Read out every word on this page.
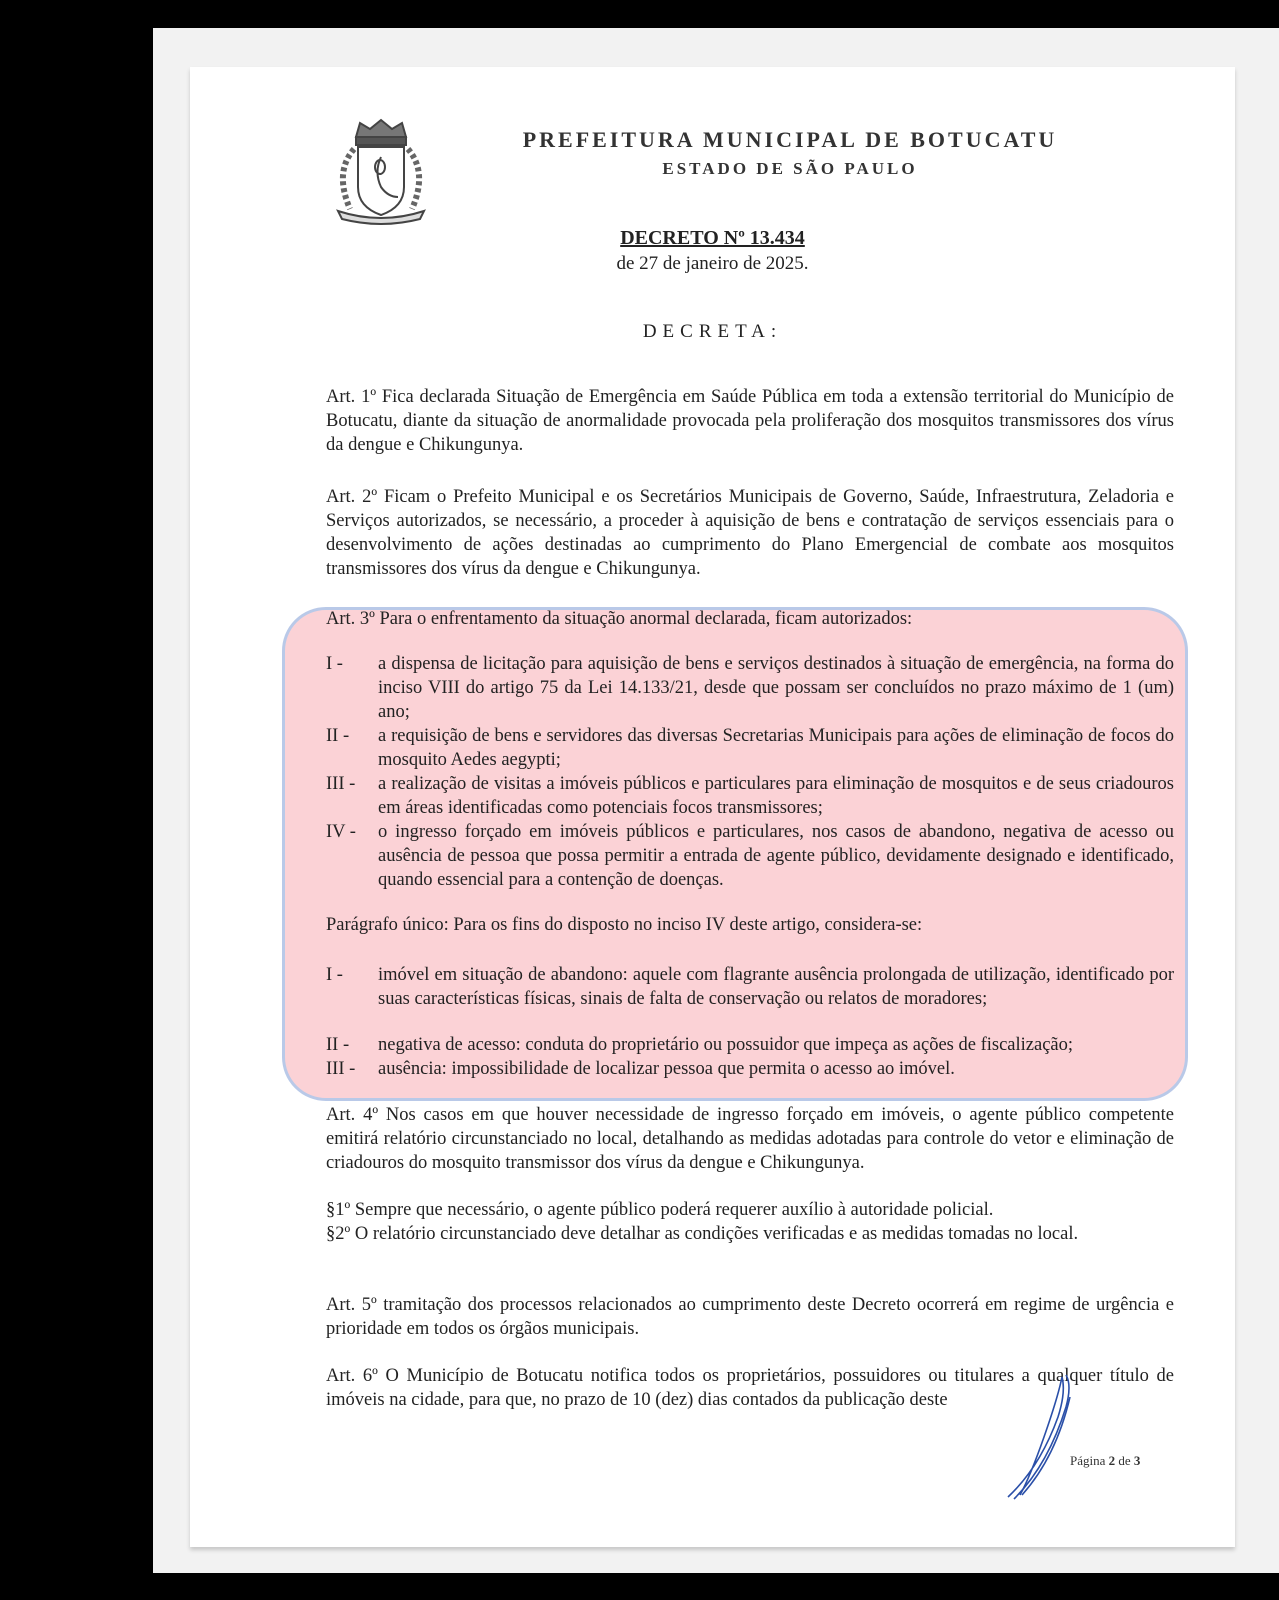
PREFEITURA MUNICIPAL DE BOTUCATU
ESTADO DE SÃO PAULO
DECRETO Nº 13.434
de 27 de janeiro de 2025.
DECRETA:
Art. 1º Fica declarada Situação de Emergência em Saúde Pública em toda a extensão territorial do Município de Botucatu, diante da situação de anormalidade provocada pela proliferação dos mosquitos transmissores dos vírus da dengue e Chikungunya.
Art. 2º Ficam o Prefeito Municipal e os Secretários Municipais de Governo, Saúde, Infraestrutura, Zeladoria e Serviços autorizados, se necessário, a proceder à aquisição de bens e contratação de serviços essenciais para o desenvolvimento de ações destinadas ao cumprimento do Plano Emergencial de combate aos mosquitos transmissores dos vírus da dengue e Chikungunya.
Art. 3º Para o enfrentamento da situação anormal declarada, ficam autorizados:
I -	a dispensa de licitação para aquisição de bens e serviços destinados à situação de emergência, na forma do inciso VIII do artigo 75 da Lei 14.133/21, desde que possam ser concluídos no prazo máximo de 1 (um) ano;
II -	a requisição de bens e servidores das diversas Secretarias Municipais para ações de eliminação de focos do mosquito Aedes aegypti;
III -	a realização de visitas a imóveis públicos e particulares para eliminação de mosquitos e de seus criadouros em áreas identificadas como potenciais focos transmissores;
IV -	o ingresso forçado em imóveis públicos e particulares, nos casos de abandono, negativa de acesso ou ausência de pessoa que possa permitir a entrada de agente público, devidamente designado e identificado, quando essencial para a contenção de doenças.
Parágrafo único: Para os fins do disposto no inciso IV deste artigo, considera-se:
I -	imóvel em situação de abandono: aquele com flagrante ausência prolongada de utilização, identificado por suas características físicas, sinais de falta de conservação ou relatos de moradores;
II -	negativa de acesso: conduta do proprietário ou possuidor que impeça as ações de fiscalização;
III -	ausência: impossibilidade de localizar pessoa que permita o acesso ao imóvel.
Art. 4º Nos casos em que houver necessidade de ingresso forçado em imóveis, o agente público competente emitirá relatório circunstanciado no local, detalhando as medidas adotadas para controle do vetor e eliminação de criadouros do mosquito transmissor dos vírus da dengue e Chikungunya.
§1º Sempre que necessário, o agente público poderá requerer auxílio à autoridade policial.
§2º O relatório circunstanciado deve detalhar as condições verificadas e as medidas tomadas no local.
Art. 5º tramitação dos processos relacionados ao cumprimento deste Decreto ocorrerá em regime de urgência e prioridade em todos os órgãos municipais.
Art. 6º O Município de Botucatu notifica todos os proprietários, possuidores ou titulares a qualquer título de imóveis na cidade, para que, no prazo de 10 (dez) dias contados da publicação deste
Página 2 de 3
